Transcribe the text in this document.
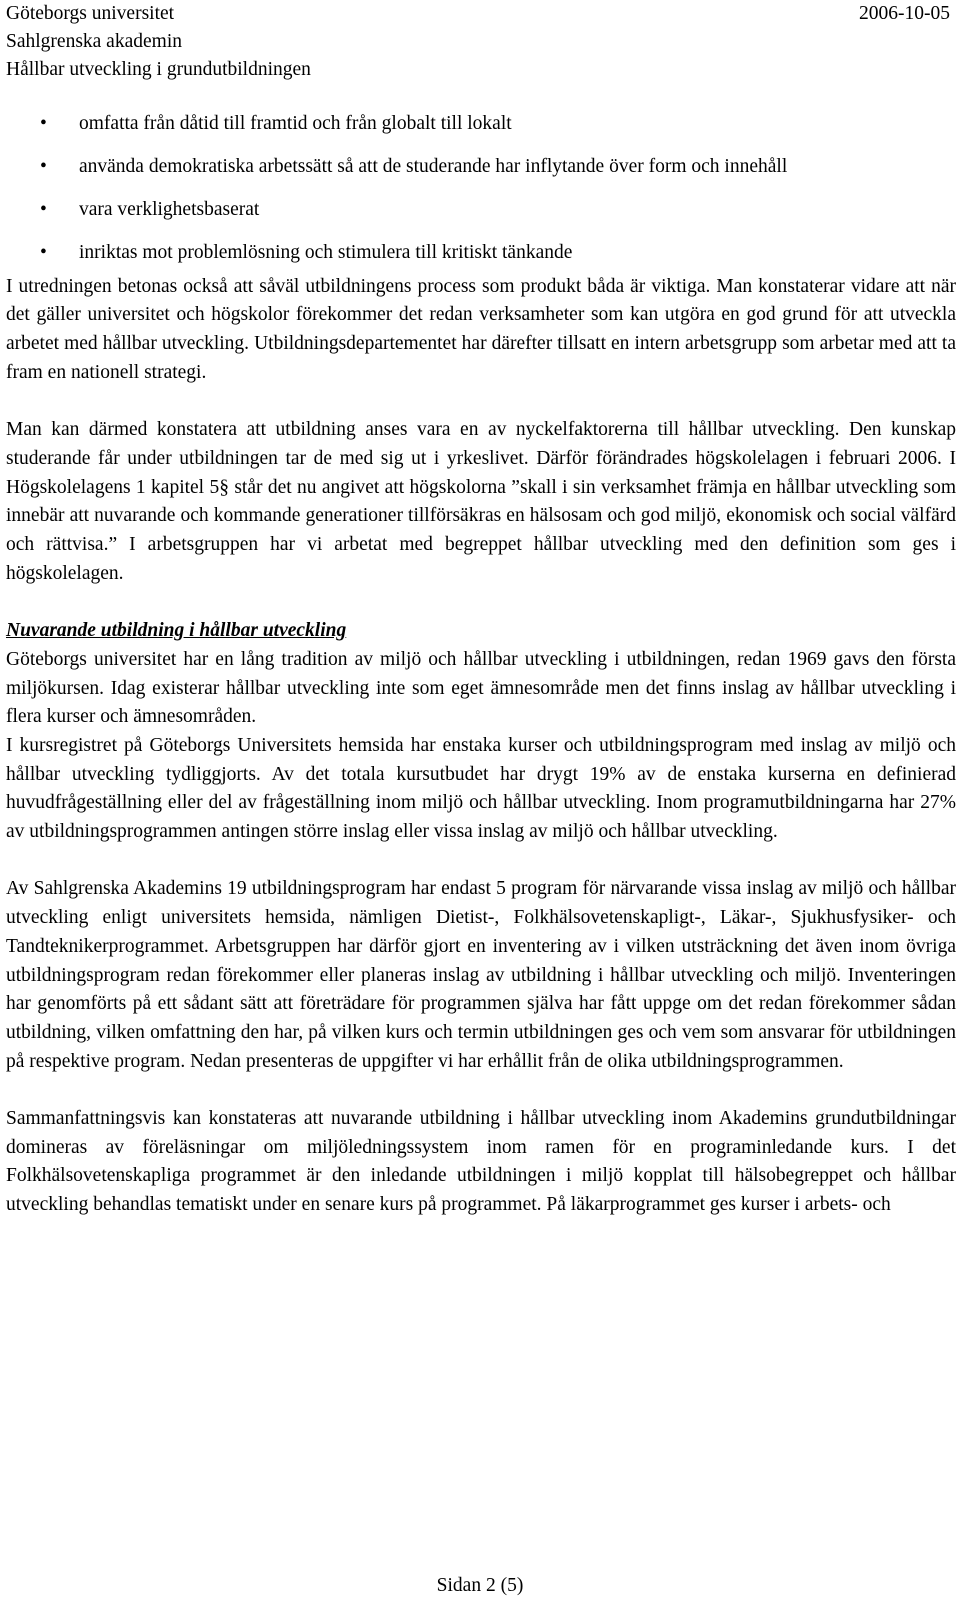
Göteborgs universitet
Sahlgrenska akademin
Hållbar utveckling i grundutbildningen
2006-10-05
• omfatta från dåtid till framtid och från globalt till lokalt
• använda demokratiska arbetssätt så att de studerande har inflytande över form och innehåll
• vara verklighetsbaserat
• inriktas mot problemlösning och stimulera till kritiskt tänkande

I utredningen betonas också att såväl utbildningens process som produkt båda är viktiga. Man konstaterar vidare att när det gäller universitet och högskolor förekommer det redan verksamheter som kan utgöra en god grund för att utveckla arbetet med hållbar utveckling. Utbildningsdepartementet har därefter tillsatt en intern arbetsgrupp som arbetar med att ta fram en nationell strategi.

Man kan därmed konstatera att utbildning anses vara en av nyckelfaktorerna till hållbar utveckling. Den kunskap studerande får under utbildningen tar de med sig ut i yrkeslivet. Därför förändrades högskolelagen i februari 2006. I Högskolelagens 1 kapitel 5§ står det nu angivet att högskolorna ”skall i sin verksamhet främja en hållbar utveckling som innebär att nuvarande och kommande generationer tillförsäkras en hälsosam och god miljö, ekonomisk och social välfärd och rättvisa.” I arbetsgruppen har vi arbetat med begreppet hållbar utveckling med den definition som ges i högskolelagen.

Nuvarande utbildning i hållbar utveckling

Göteborgs universitet har en lång tradition av miljö och hållbar utveckling i utbildningen, redan 1969 gavs den första miljökursen. Idag existerar hållbar utveckling inte som eget ämnesområde men det finns inslag av hållbar utveckling i flera kurser och ämnesområden.

I kursregistret på Göteborgs Universitets hemsida har enstaka kurser och utbildningsprogram med inslag av miljö och hållbar utveckling tydliggjorts. Av det totala kursutbudet har drygt 19% av de enstaka kurserna en definierad huvudfrågeställning eller del av frågeställning inom miljö och hållbar utveckling. Inom programutbildningarna har 27% av utbildningsprogrammen antingen större inslag eller vissa inslag av miljö och hållbar utveckling.

Av Sahlgrenska Akademins 19 utbildningsprogram har endast 5 program för närvarande vissa inslag av miljö och hållbar utveckling enligt universitets hemsida, nämligen Dietist-, Folkhälsovetenskapligt-, Läkar-, Sjukhusfysiker- och Tandteknikerprogrammet. Arbetsgruppen har därför gjort en inventering av i vilken utsträckning det även inom övriga utbildningsprogram redan förekommer eller planeras inslag av utbildning i hållbar utveckling och miljö. Inventeringen har genomförts på ett sådant sätt att företrädare för programmen själva har fått uppge om det redan förekommer sådan utbildning, vilken omfattning den har, på vilken kurs och termin utbildningen ges och vem som ansvarar för utbildningen på respektive program. Nedan presenteras de uppgifter vi har erhållit från de olika utbildningsprogrammen.

Sammanfattningsvis kan konstateras att nuvarande utbildning i hållbar utveckling inom Akademins grundutbildningar domineras av föreläsningar om miljöledningssystem inom ramen för en programinledande kurs. I det Folkhälsovetenskapliga programmet är den inledande utbildningen i miljö kopplat till hälsobegreppet och hållbar utveckling behandlas tematiskt under en senare kurs på programmet. På läkarprogrammet ges kurser i arbets- och

Sidan 2 (5)
